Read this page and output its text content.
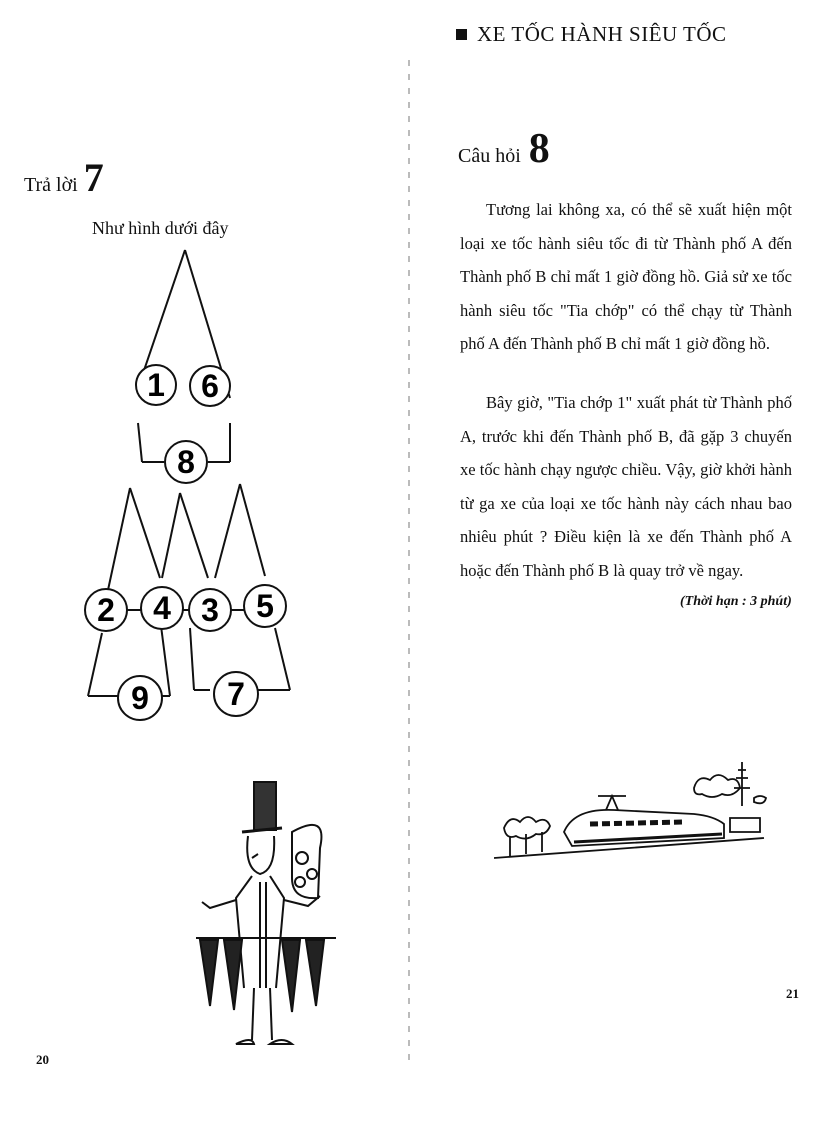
Trả lời 7
Như hình dưới đây
1 6
8
2 4 3 5
9 7
20
XE TỐC HÀNH SIÊU TỐC
Câu hỏi 8
Tương lai không xa, có thể sẽ xuất hiện một loại xe tốc hành siêu tốc đi từ Thành phố A đến Thành phố B chỉ mất 1 giờ đồng hồ. Giả sử xe tốc hành siêu tốc "Tia chớp" có thể chạy từ Thành phố A đến Thành phố B chỉ mất 1 giờ đồng hồ.
Bây giờ, "Tia chớp 1" xuất phát từ Thành phố A, trước khi đến Thành phố B, đã gặp 3 chuyến xe tốc hành chạy ngược chiều. Vậy, giờ khởi hành từ ga xe của loại xe tốc hành này cách nhau bao nhiêu phút ? Điều kiện là xe đến Thành phố A hoặc đến Thành phố B là quay trở về ngay.
(Thời hạn : 3 phút)
21
